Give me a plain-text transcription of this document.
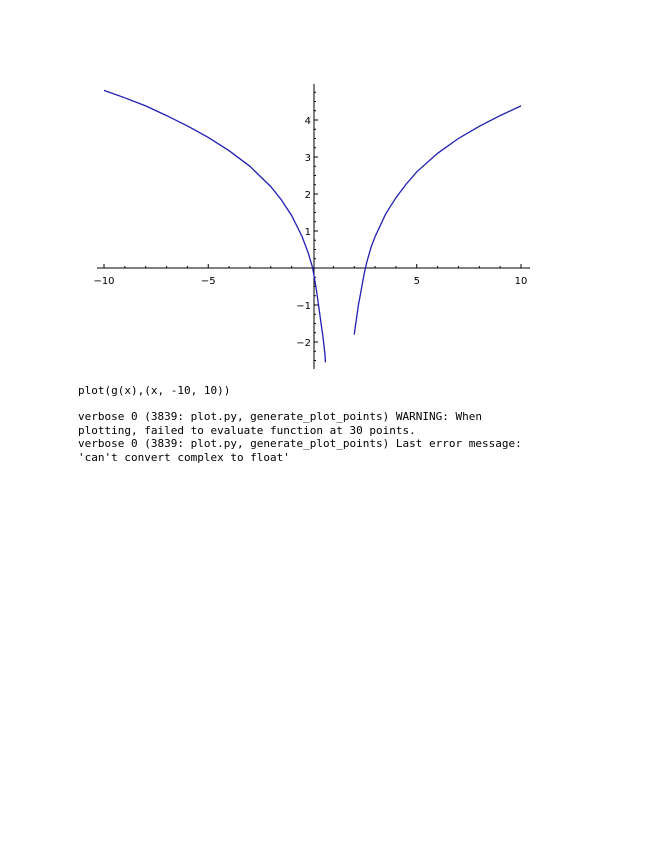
−10	−5	5	10
−2
−1
1
2
3
4
plot(g(x),(x, -10, 10))
verbose 0 (3839: plot.py, generate_plot_points) WARNING: When
plotting, failed to evaluate function at 30 points.
verbose 0 (3839: plot.py, generate_plot_points) Last error message:
'can't convert complex to float'
